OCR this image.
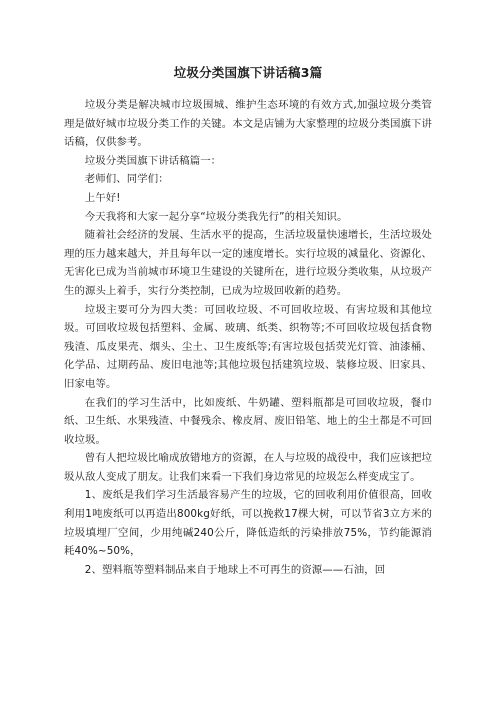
垃圾分类国旗下讲话稿3篇

垃圾分类是解决城市垃圾围城、维护生态环境的有效方式,加强垃圾分类管理是做好城市垃圾分类工作的关键。本文是店铺为大家整理的垃圾分类国旗下讲话稿，仅供参考。

垃圾分类国旗下讲话稿篇一：

老师们、同学们：

上午好!

今天我将和大家一起分享“垃圾分类我先行”的相关知识。

随着社会经济的发展、生活水平的提高，生活垃圾量快速增长，生活垃圾处理的压力越来越大，并且每年以一定的速度增长。实行垃圾的减量化、资源化、无害化已成为当前城市环境卫生建设的关键所在，进行垃圾分类收集，从垃圾产生的源头上着手，实行分类控制，已成为垃圾回收新的趋势。

垃圾主要可分为四大类：可回收垃圾、不可回收垃圾、有害垃圾和其他垃圾。可回收垃圾包括塑料、金属、玻璃、纸类、织物等;不可回收垃圾包括食物残渣、瓜皮果壳、烟头、尘土、卫生废纸等;有害垃圾包括荧光灯管、油漆桶、化学品、过期药品、废旧电池等;其他垃圾包括建筑垃圾、装修垃圾、旧家具、旧家电等。

在我们的学习生活中，比如废纸、牛奶罐、塑料瓶都是可回收垃圾，餐巾纸、卫生纸、水果残渣、中餐残余、橡皮屑、废旧铅笔、地上的尘土都是不可回收垃圾。

曾有人把垃圾比喻成放错地方的资源，在人与垃圾的战役中，我们应该把垃圾从敌人变成了朋友。让我们来看一下我们身边常见的垃圾怎么样变成宝了。

1、废纸是我们学习生活最容易产生的垃圾，它的回收利用价值很高，回收利用1吨废纸可以再造出800kg好纸，可以挽救17棵大树，可以节省3立方米的垃圾填埋厂空间，少用纯碱240公斤，降低造纸的污染排放75%，节约能源消耗40%~50%，

2、塑料瓶等塑料制品来自于地球上不可再生的资源——石油，回
